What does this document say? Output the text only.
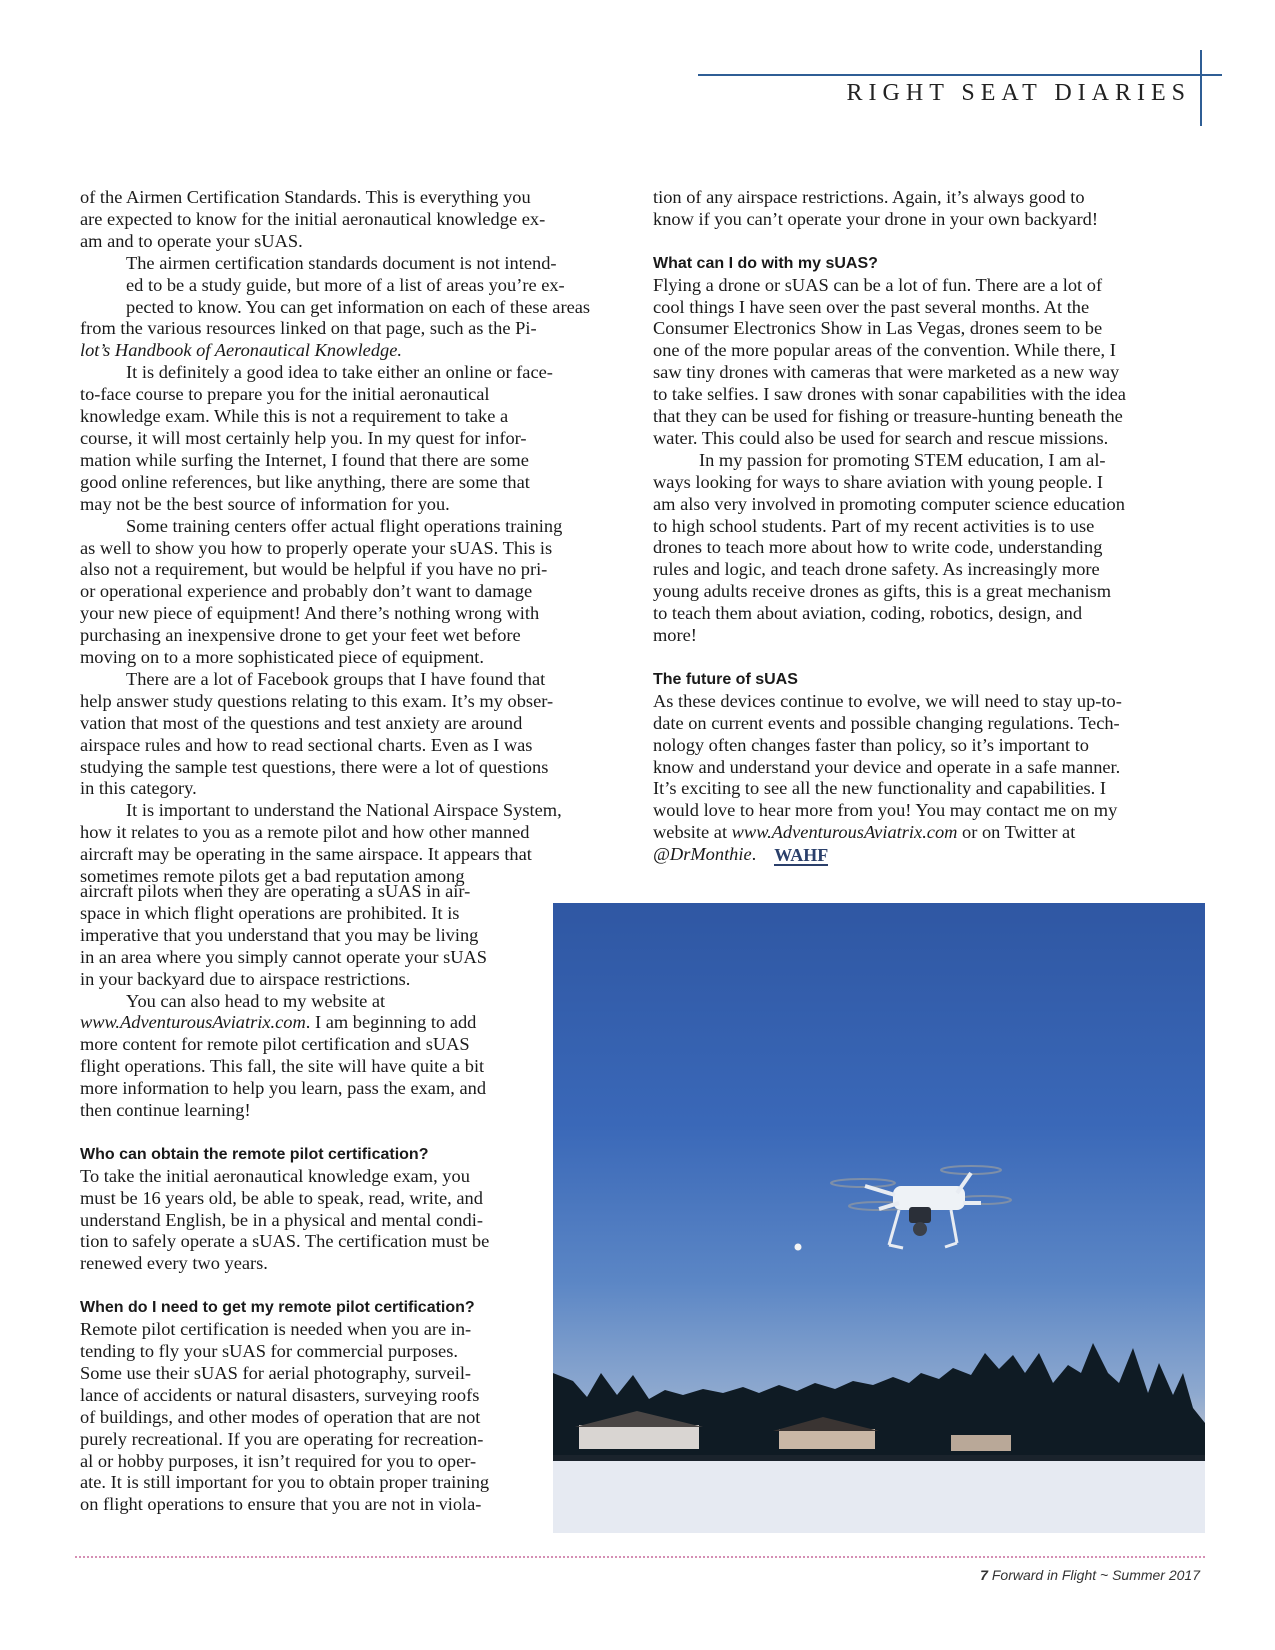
RIGHT SEAT DIARIES

of the Airmen Certification Standards. This is everything you
are expected to know for the initial aeronautical knowledge ex-
am and to operate your sUAS.

The airmen certification standards document is not intend-
ed to be a study guide, but more of a list of areas you’re ex-
pected to know. You can get information on each of these areas
from the various resources linked on that page, such as the Pi-
lot’s Handbook of Aeronautical Knowledge.

It is definitely a good idea to take either an online or face-
to-face course to prepare you for the initial aeronautical
knowledge exam. While this is not a requirement to take a
course, it will most certainly help you. In my quest for infor-
mation while surfing the Internet, I found that there are some
good online references, but like anything, there are some that
may not be the best source of information for you.

Some training centers offer actual flight operations training
as well to show you how to properly operate your sUAS. This is
also not a requirement, but would be helpful if you have no pri-
or operational experience and probably don’t want to damage
your new piece of equipment! And there’s nothing wrong with
purchasing an inexpensive drone to get your feet wet before
moving on to a more sophisticated piece of equipment.

There are a lot of Facebook groups that I have found that
help answer study questions relating to this exam. It’s my obser-
vation that most of the questions and test anxiety are around
airspace rules and how to read sectional charts. Even as I was
studying the sample test questions, there were a lot of questions
in this category.

It is important to understand the National Airspace System,
how it relates to you as a remote pilot and how other manned
aircraft may be operating in the same airspace. It appears that
sometimes remote pilots get a bad reputation among

aircraft pilots when they are operating a sUAS in air-
space in which flight operations are prohibited. It is
imperative that you understand that you may be living
in an area where you simply cannot operate your sUAS
in your backyard due to airspace restrictions.

You can also head to my website at
www.AdventurousAviatrix.com. I am beginning to add

more content for remote pilot certification and sUAS
flight operations. This fall, the site will have quite a bit
more information to help you learn, pass the exam, and
then continue learning!

Who can obtain the remote pilot certification?

To take the initial aeronautical knowledge exam, you
must be 16 years old, be able to speak, read, write, and
understand English, be in a physical and mental condi-
tion to safely operate a sUAS. The certification must be
renewed every two years.

When do I need to get my remote pilot certification?

Remote pilot certification is needed when you are in-
tending to fly your sUAS for commercial purposes.
Some use their sUAS for aerial photography, surveil-
lance of accidents or natural disasters, surveying roofs
of buildings, and other modes of operation that are not
purely recreational. If you are operating for recreation-
al or hobby purposes, it isn’t required for you to oper-
ate. It is still important for you to obtain proper training
on flight operations to ensure that you are not in viola-

tion of any airspace restrictions. Again, it’s always good to
know if you can’t operate your drone in your own backyard!

What can I do with my sUAS?

Flying a drone or sUAS can be a lot of fun. There are a lot of
cool things I have seen over the past several months. At the
Consumer Electronics Show in Las Vegas, drones seem to be
one of the more popular areas of the convention. While there, I
saw tiny drones with cameras that were marketed as a new way
to take selfies. I saw drones with sonar capabilities with the idea
that they can be used for fishing or treasure-hunting beneath the
water. This could also be used for search and rescue missions.

In my passion for promoting STEM education, I am al-
ways looking for ways to share aviation with young people. I
am also very involved in promoting computer science education
to high school students. Part of my recent activities is to use
drones to teach more about how to write code, understanding
rules and logic, and teach drone safety. As increasingly more
young adults receive drones as gifts, this is a great mechanism
to teach them about aviation, coding, robotics, design, and
more!

The future of sUAS

As these devices continue to evolve, we will need to stay up-to-
date on current events and possible changing regulations. Tech-
nology often changes faster than policy, so it’s important to
know and understand your device and operate in a safe manner.
It’s exciting to see all the new functionality and capabilities. I
would love to hear more from you! You may contact me on my
website at www.AdventurousAviatrix.com or on Twitter at
@DrMonthie. WAHF

7 Forward in Flight ~ Summer 2017
